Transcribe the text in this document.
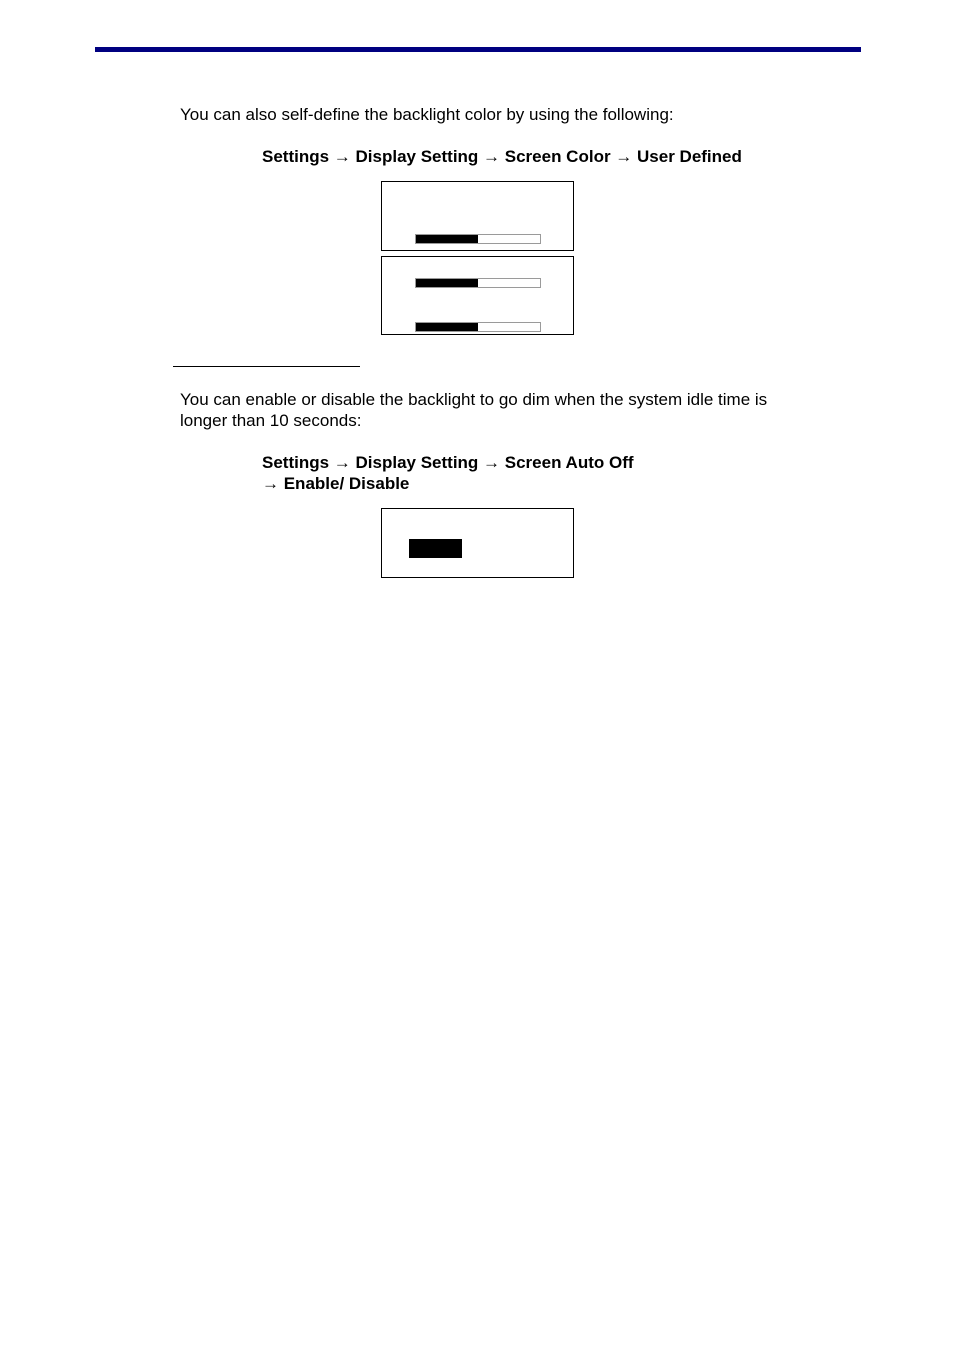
You can also self-define the backlight color by using the following:

Settings → Display Setting → Screen Color → User Defined

You can enable or disable the backlight to go dim when the system idle time is longer than 10 seconds:

Settings → Display Setting → Screen Auto Off
→ Enable/ Disable
